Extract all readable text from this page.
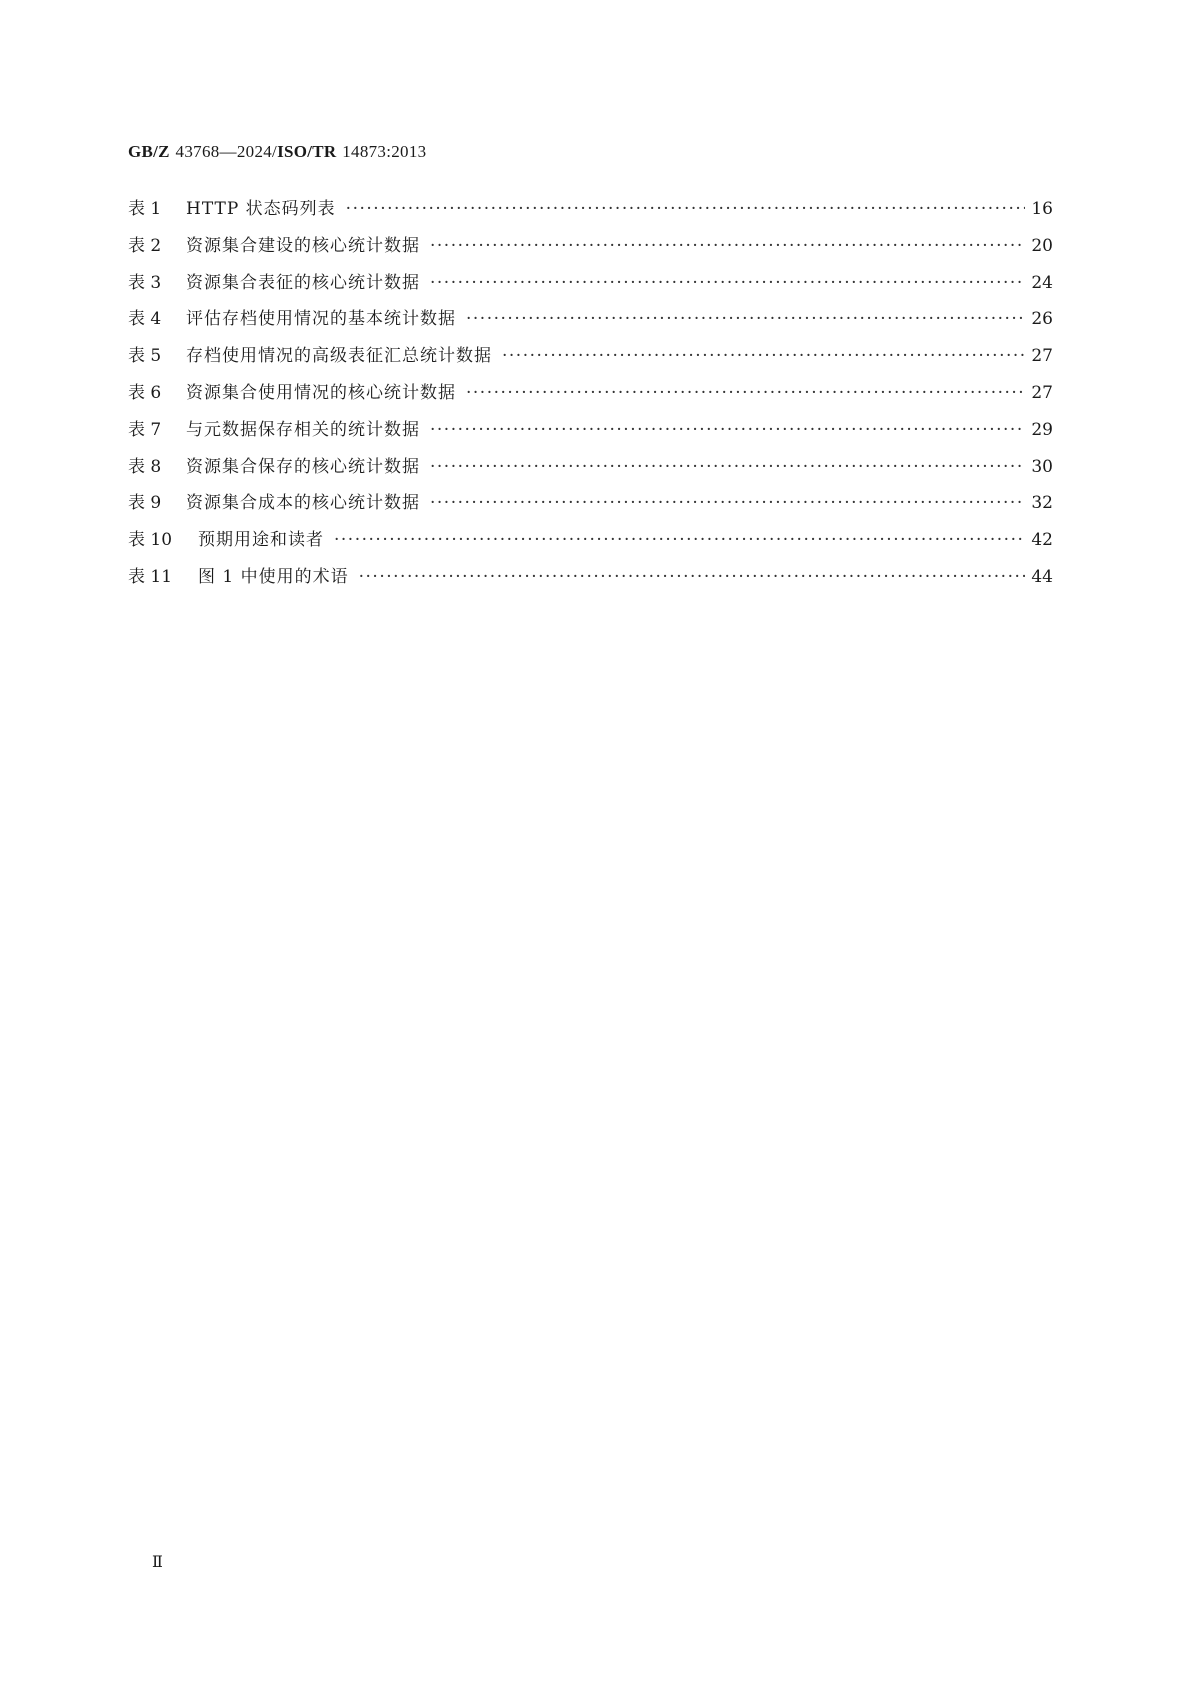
GB/Z 43768—2024/ISO/TR 14873:2013
表 1	HTTP 状态码列表 ·····	16
表 2	资源集合建设的核心统计数据 ·····	20
表 3	资源集合表征的核心统计数据 ·····	24
表 4	评估存档使用情况的基本统计数据 ·····	26
表 5	存档使用情况的高级表征汇总统计数据 ·····	27
表 6	资源集合使用情况的核心统计数据 ·····	27
表 7	与元数据保存相关的统计数据 ·····	29
表 8	资源集合保存的核心统计数据 ·····	30
表 9	资源集合成本的核心统计数据 ·····	32
表 10	预期用途和读者 ·····	42
表 11	图 1 中使用的术语 ·····	44
Ⅱ
